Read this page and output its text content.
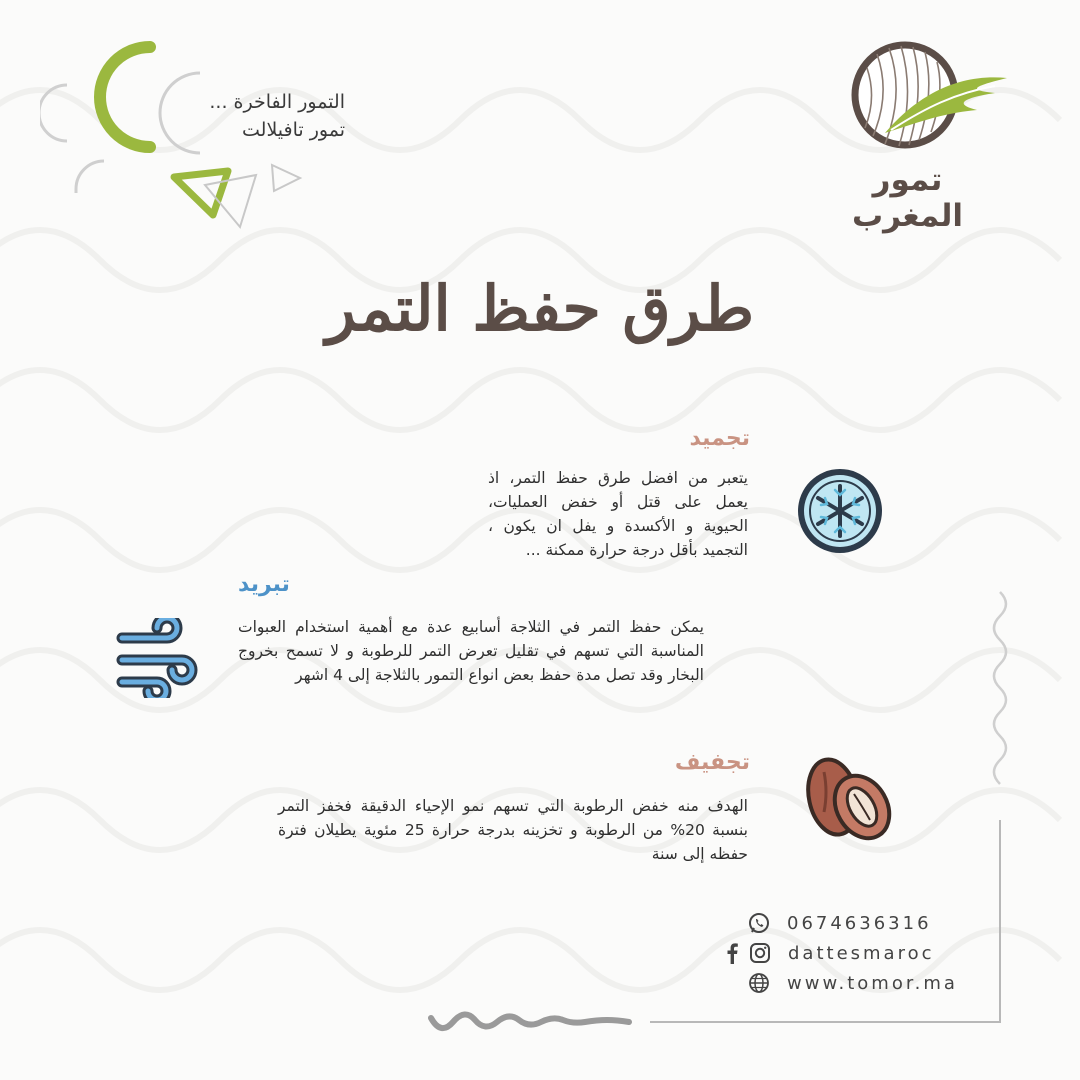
التمور الفاخرة ...
تمور تافيلالت
تمور المغرب
طرق حفظ التمر
تجميد
يتعبر من افضل طرق حفظ التمر، اذ يعمل على قتل أو خفض العمليات، الحيوية و الأكسدة و يفل ان يكون ، التجميد بأقل درجة حرارة ممكنة ...
تبريد
يمكن حفظ التمر في الثلاجة أسابيع عدة مع أهمية استخدام العبوات المناسبة التي تسهم في تقليل تعرض التمر للرطوبة و لا تسمح بخروج البخار وقد تصل مدة حفظ بعض انواع التمور بالثلاجة إلى 4 اشهر
تجفيف
الهدف منه خفض الرطوبة التي تسهم نمو الإحياء الدقيقة فخفز التمر بنسبة 20% من الرطوبة و تخزينه بدرجة حرارة 25 مئوية يطيلان فترة حفظه إلى سنة
0674636316
dattesmaroc
www.tomor.ma
